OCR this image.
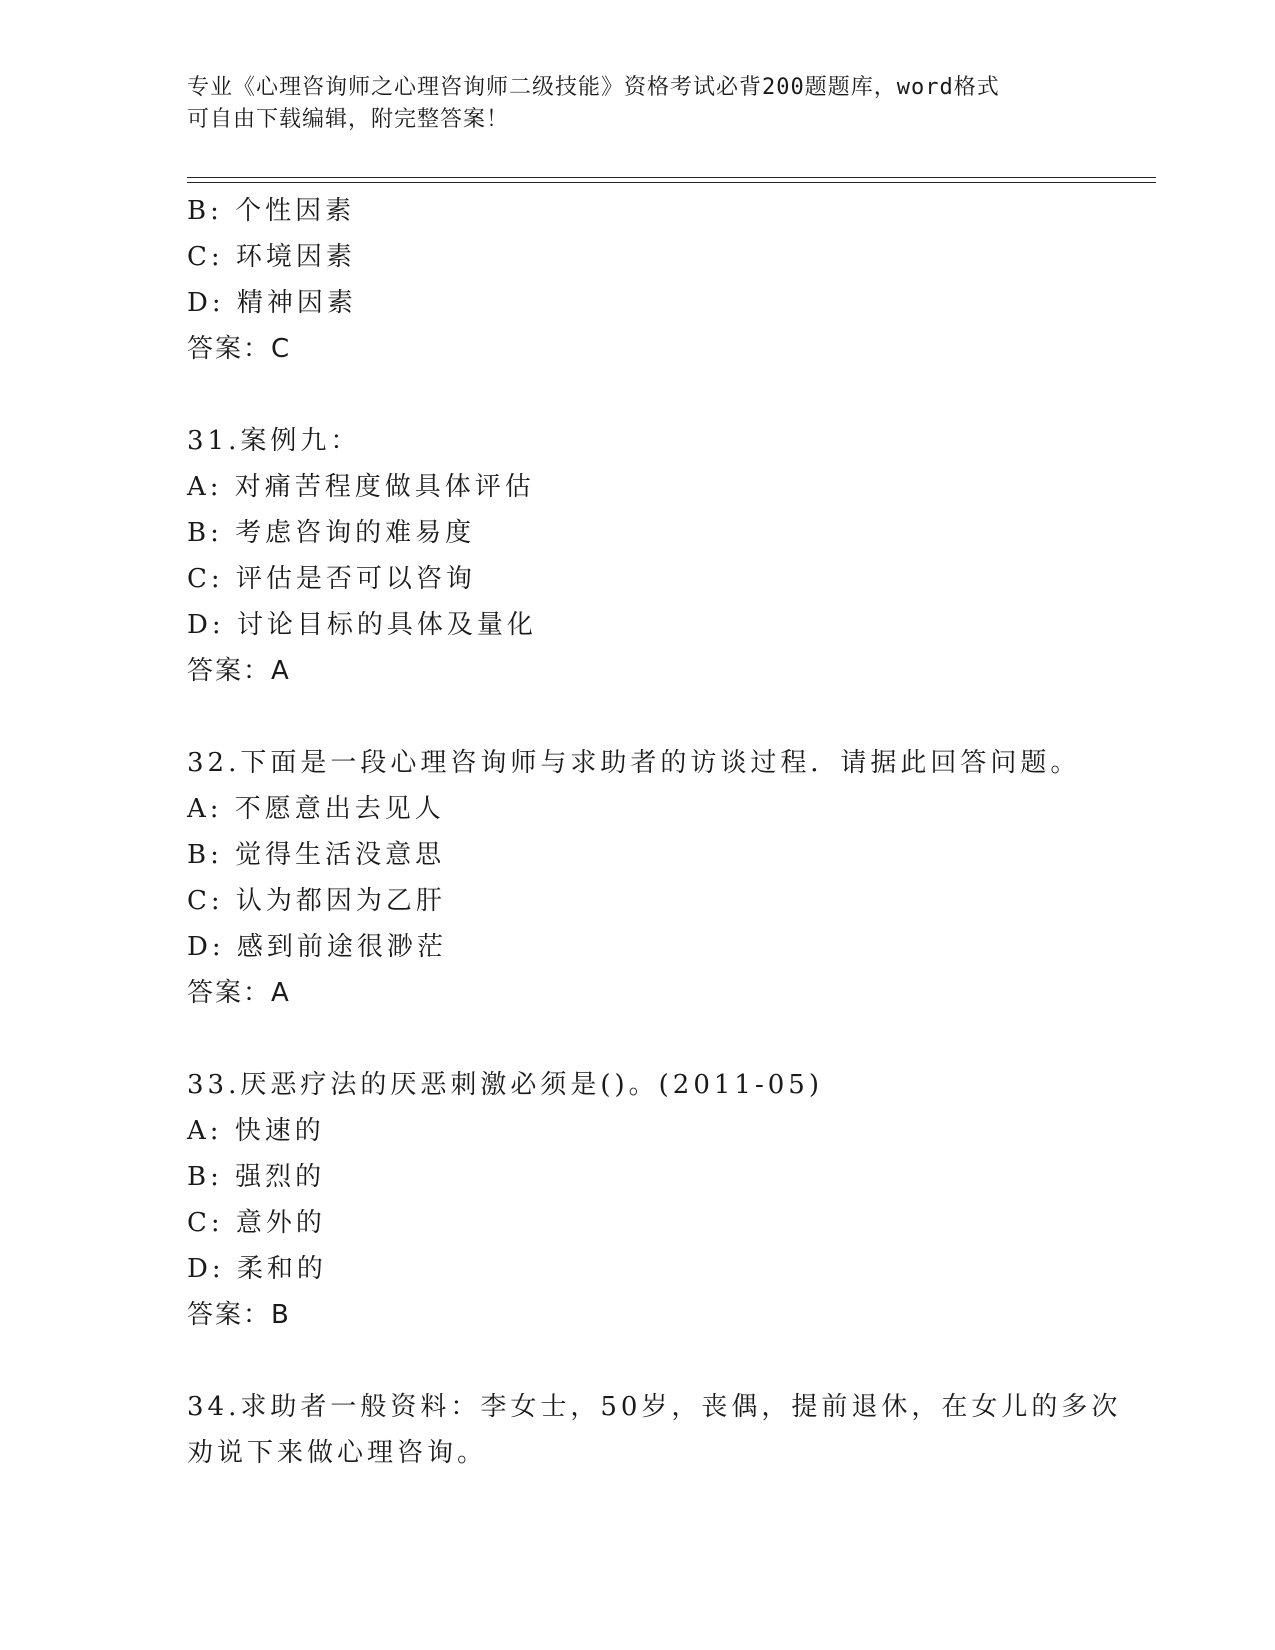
专业《心理咨询师之心理咨询师二级技能》资格考试必背200题题库，word格式
可自由下载编辑，附完整答案！
B: 个性因素
C: 环境因素
D: 精神因素
答案：C
31.案例九：
A: 对痛苦程度做具体评估
B: 考虑咨询的难易度
C: 评估是否可以咨询
D: 讨论目标的具体及量化
答案：A
32.下面是一段心理咨询师与求助者的访谈过程．请据此回答问题。
A: 不愿意出去见人
B: 觉得生活没意思
C: 认为都因为乙肝
D: 感到前途很渺茫
答案：A
33.厌恶疗法的厌恶刺激必须是()。(2011-05)
A: 快速的
B: 强烈的
C: 意外的
D: 柔和的
答案：B
34.求助者一般资料：李女士，50岁，丧偶，提前退休，在女儿的多次
劝说下来做心理咨询。
